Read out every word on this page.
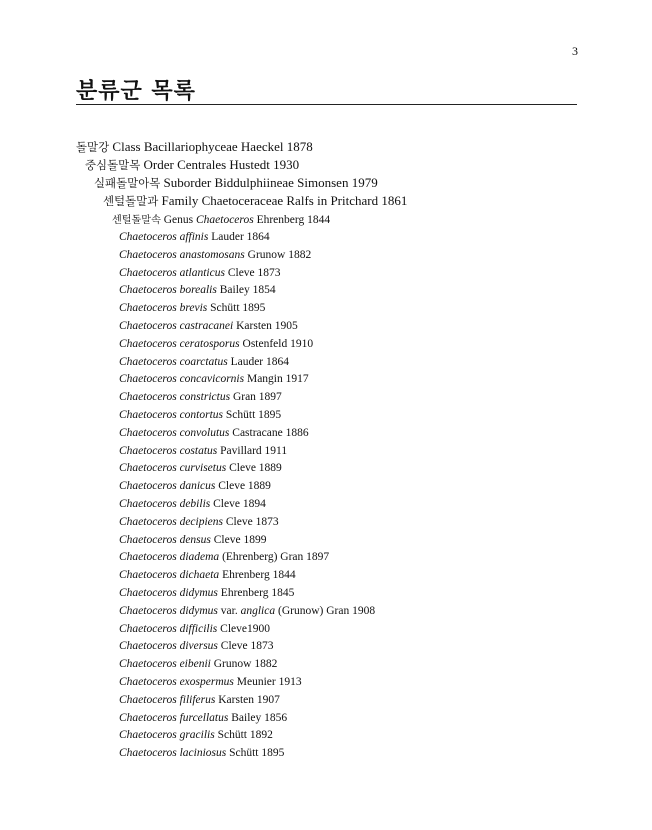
3
분류군 목록
돌말강 Class Bacillariophyceae Haeckel 1878
중심돌말목 Order Centrales Hustedt 1930
실패돌말아목 Suborder Biddulphiineae Simonsen 1979
센털돌말과 Family Chaetoceraceae Ralfs in Pritchard 1861
센털돌말속 Genus Chaetoceros Ehrenberg 1844
Chaetoceros affinis Lauder 1864
Chaetoceros anastomosans Grunow 1882
Chaetoceros atlanticus Cleve 1873
Chaetoceros borealis Bailey 1854
Chaetoceros brevis Schütt 1895
Chaetoceros castracanei Karsten 1905
Chaetoceros ceratosporus Ostenfeld 1910
Chaetoceros coarctatus Lauder 1864
Chaetoceros concavicornis Mangin 1917
Chaetoceros constrictus Gran 1897
Chaetoceros contortus Schütt 1895
Chaetoceros convolutus Castracane 1886
Chaetoceros costatus Pavillard 1911
Chaetoceros curvisetus Cleve 1889
Chaetoceros danicus Cleve 1889
Chaetoceros debilis Cleve 1894
Chaetoceros decipiens Cleve 1873
Chaetoceros densus Cleve 1899
Chaetoceros diadema (Ehrenberg) Gran 1897
Chaetoceros dichaeta Ehrenberg 1844
Chaetoceros didymus Ehrenberg 1845
Chaetoceros didymus var. anglica (Grunow) Gran 1908
Chaetoceros difficilis Cleve1900
Chaetoceros diversus Cleve 1873
Chaetoceros eibenii Grunow 1882
Chaetoceros exospermus Meunier 1913
Chaetoceros filiferus Karsten 1907
Chaetoceros furcellatus Bailey 1856
Chaetoceros gracilis Schütt 1892
Chaetoceros laciniosus Schütt 1895
